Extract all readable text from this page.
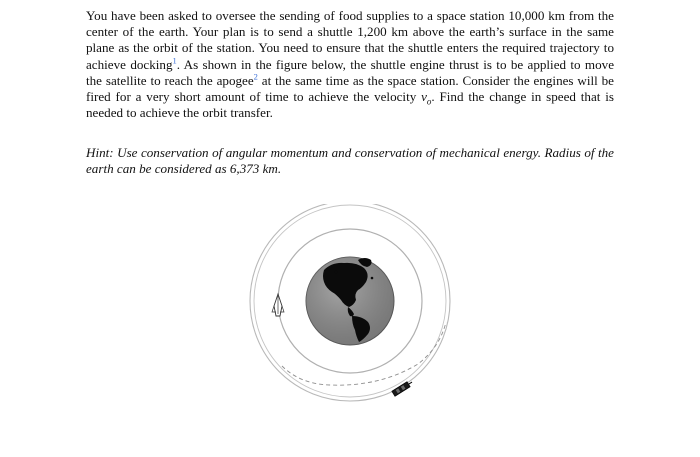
You have been asked to oversee the sending of food supplies to a space station 10,000 km from the center of the earth. Your plan is to send a shuttle 1,200 km above the earth’s surface in the same plane as the orbit of the station. You need to ensure that the shuttle enters the required trajectory to achieve docking$^1$. As shown in the figure below, the shuttle engine thrust is to be applied to move the satellite to reach the apogee$^2$ at the same time as the space station. Consider the engines will be fired for a very short amount of time to achieve the velocity $v_o$. Find the change in speed that is needed to achieve the orbit transfer.

Hint: Use conservation of angular momentum and conservation of mechanical energy. Radius of the earth can be considered as 6,373 km.
